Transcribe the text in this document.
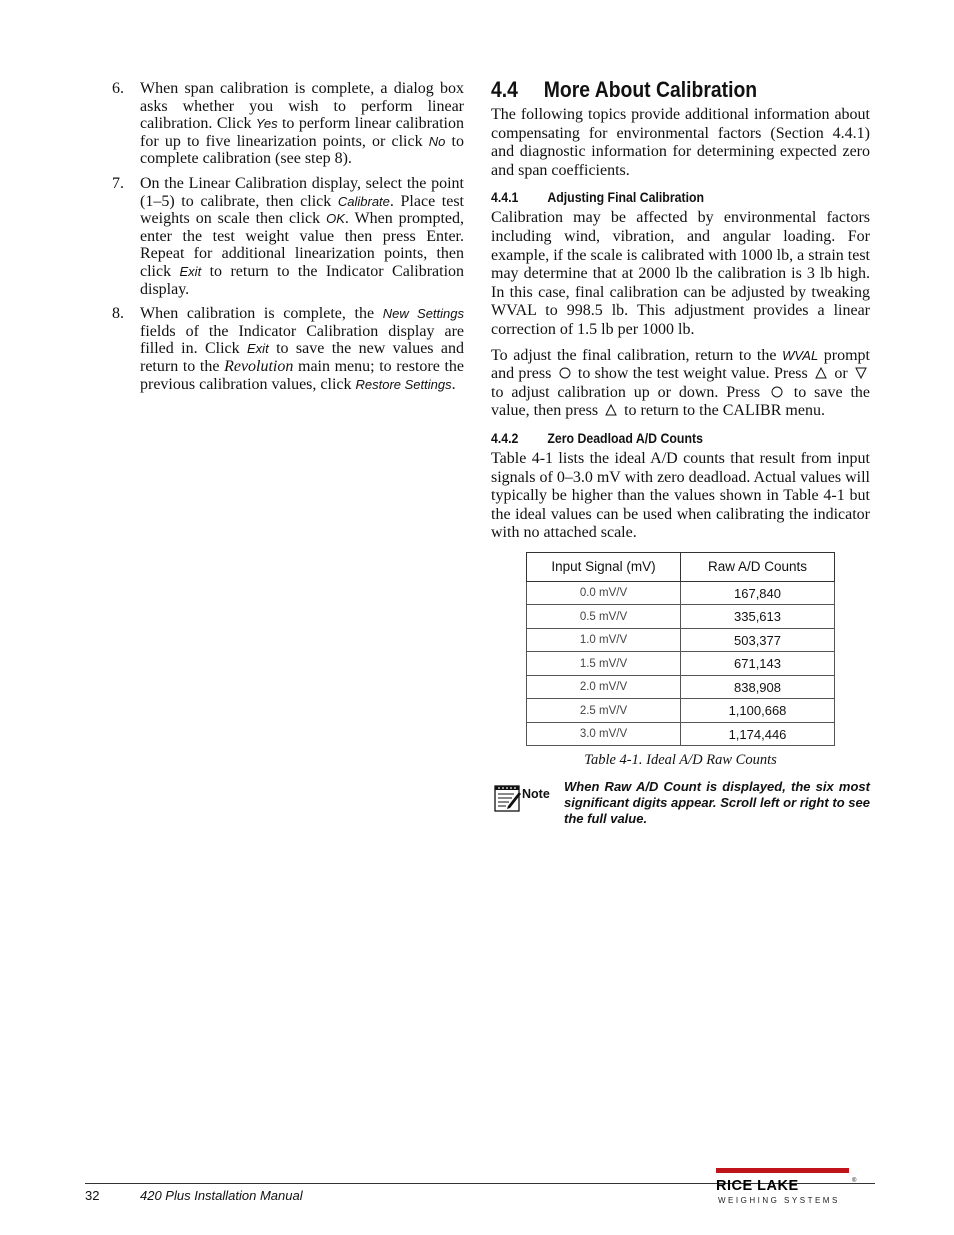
6. When span calibration is complete, a dialog box asks whether you wish to perform linear calibration. Click Yes to perform linear calibration for up to five linearization points, or click No to complete calibration (see step 8).

7. On the Linear Calibration display, select the point (1–5) to calibrate, then click Calibrate. Place test weights on scale then click OK. When prompted, enter the test weight value then press Enter. Repeat for additional linearization points, then click Exit to return to the Indicator Calibration display.

8. When calibration is complete, the New Settings fields of the Indicator Calibration display are filled in. Click Exit to save the new values and return to the Revolution main menu; to restore the previous calibration values, click Restore Settings.

4.4 More About Calibration

The following topics provide additional information about compensating for environmental factors (Section 4.4.1) and diagnostic information for determining expected zero and span coefficients.

4.4.1 Adjusting Final Calibration

Calibration may be affected by environmental factors including wind, vibration, and angular loading. For example, if the scale is calibrated with 1000 lb, a strain test may determine that at 2000 lb the calibration is 3 lb high. In this case, final calibration can be adjusted by tweaking WVAL to 998.5 lb. This adjustment provides a linear correction of 1.5 lb per 1000 lb.

To adjust the final calibration, return to the WVAL prompt and press
to show the test weight value. Press
or
to adjust calibration up or down. Press
to save the value, then press
to return to the CALIBR menu.

4.4.2 Zero Deadload A/D Counts

Table 4-1 lists the ideal A/D counts that result from input signals of 0–3.0 mV with zero deadload. Actual values will typically be higher than the values shown in Table 4-1 but the ideal values can be used when calibrating the indicator with no attached scale.

Input Signal (mV)	Raw A/D Counts
0.0 mV/V	167,840
0.5 mV/V	335,613
1.0 mV/V	503,377
1.5 mV/V	671,143
2.0 mV/V	838,908
2.5 mV/V	1,100,668
3.0 mV/V	1,174,446

Table 4-1. Ideal A/D Raw Counts

Note When Raw A/D Count is displayed, the six most significant digits appear. Scroll left or right to see the full value.

32	420 Plus Installation Manual
RICE LAKE	®
WEIGHING SYSTEMS
